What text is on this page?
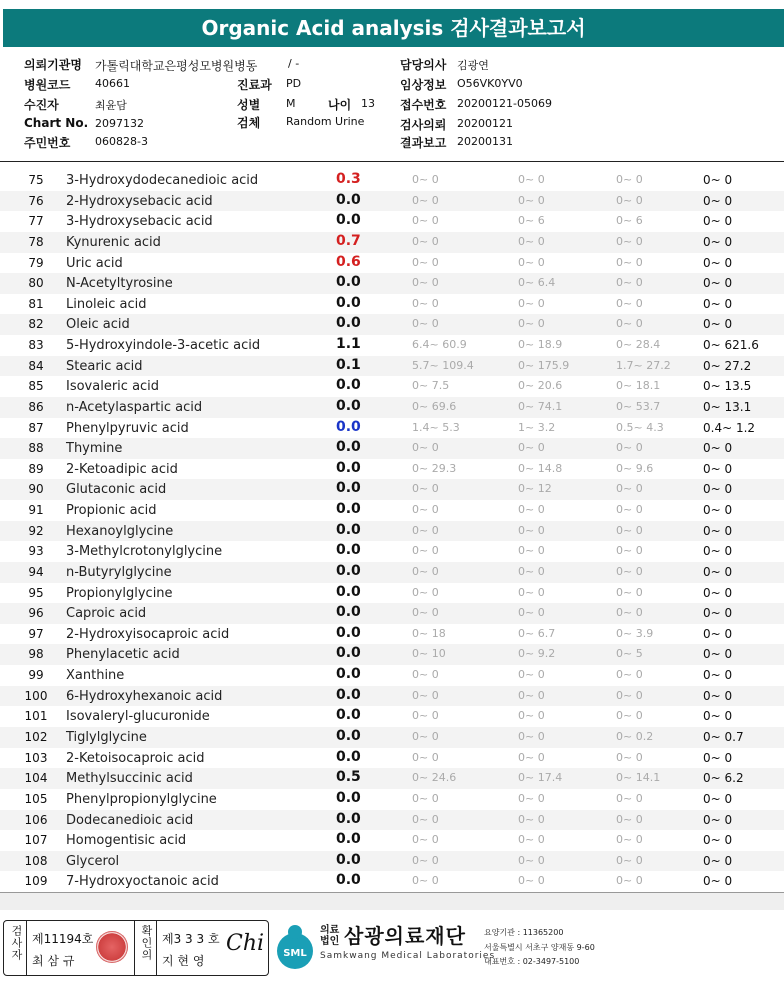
Organic Acid analysis 검사결과보고서
의뢰기관명 가톨릭대학교은평성모병원병동	/ -
병원코드 40661	진료과 PD
수진자	최윤담	성별 M	나이 13
Chart No. 2097132	검체 Random Urine
주민번호 060828-3
담당의사 김광연
임상정보 O56VK0YV0
접수번호 20200121-05069
검사의뢰 20200121
결과보고 20200131
75	3-Hydroxydodecanedioic acid	0.3	0~ 0	0~ 0	0~ 0	0~ 0
76	2-Hydroxysebacic acid	0.0	0~ 0	0~ 0	0~ 0	0~ 0
77	3-Hydroxysebacic acid	0.0	0~ 0	0~ 6	0~ 6	0~ 0
78	Kynurenic acid	0.7	0~ 0	0~ 0	0~ 0	0~ 0
79	Uric acid	0.6	0~ 0	0~ 0	0~ 0	0~ 0
80	N-Acetyltyrosine	0.0	0~ 0	0~ 6.4	0~ 0	0~ 0
81	Linoleic acid	0.0	0~ 0	0~ 0	0~ 0	0~ 0
82	Oleic acid	0.0	0~ 0	0~ 0	0~ 0	0~ 0
83	5-Hydroxyindole-3-acetic acid	1.1	6.4~ 60.9	0~ 18.9	0~ 28.4	0~ 621.6
84	Stearic acid	0.1	5.7~ 109.4	0~ 175.9	1.7~ 27.2	0~ 27.2
85	Isovaleric acid	0.0	0~ 7.5	0~ 20.6	0~ 18.1	0~ 13.5
86	n-Acetylaspartic acid	0.0	0~ 69.6	0~ 74.1	0~ 53.7	0~ 13.1
87	Phenylpyruvic acid	0.0	1.4~ 5.3	1~ 3.2	0.5~ 4.3	0.4~ 1.2
88	Thymine	0.0	0~ 0	0~ 0	0~ 0	0~ 0
89	2-Ketoadipic acid	0.0	0~ 29.3	0~ 14.8	0~ 9.6	0~ 0
90	Glutaconic acid	0.0	0~ 0	0~ 12	0~ 0	0~ 0
91	Propionic acid	0.0	0~ 0	0~ 0	0~ 0	0~ 0
92	Hexanoylglycine	0.0	0~ 0	0~ 0	0~ 0	0~ 0
93	3-Methylcrotonylglycine	0.0	0~ 0	0~ 0	0~ 0	0~ 0
94	n-Butyrylglycine	0.0	0~ 0	0~ 0	0~ 0	0~ 0
95	Propionylglycine	0.0	0~ 0	0~ 0	0~ 0	0~ 0
96	Caproic acid	0.0	0~ 0	0~ 0	0~ 0	0~ 0
97	2-Hydroxyisocaproic acid	0.0	0~ 18	0~ 6.7	0~ 3.9	0~ 0
98	Phenylacetic acid	0.0	0~ 10	0~ 9.2	0~ 5	0~ 0
99	Xanthine	0.0	0~ 0	0~ 0	0~ 0	0~ 0
100 6-Hydroxyhexanoic acid	0.0	0~ 0	0~ 0	0~ 0	0~ 0
101 Isovaleryl-glucuronide	0.0	0~ 0	0~ 0	0~ 0	0~ 0
102 Tiglylglycine	0.0	0~ 0	0~ 0	0~ 0.2	0~ 0.7
103 2-Ketoisocaproic acid	0.0	0~ 0	0~ 0	0~ 0	0~ 0
104 Methylsuccinic acid	0.5	0~ 24.6	0~ 17.4	0~ 14.1	0~ 6.2
105 Phenylpropionylglycine	0.0	0~ 0	0~ 0	0~ 0	0~ 0
106 Dodecanedioic acid	0.0	0~ 0	0~ 0	0~ 0	0~ 0
107 Homogentisic acid	0.0	0~ 0	0~ 0	0~ 0	0~ 0
108 Glycerol	0.0	0~ 0	0~ 0	0~ 0	0~ 0
109 7-Hydroxyoctanoic acid	0.0	0~ 0	0~ 0	0~ 0	0~ 0
검사자 제11194호
최 삼 규	확인의 제3 3 3 호
지 현 영
Chi SML
의료
법인 삼광의료재단
Samkwang Medical Laboratories
요양기관 : 11365200
서울특별시 서초구 양재동 9-60
대표번호 : 02-3497-5100
